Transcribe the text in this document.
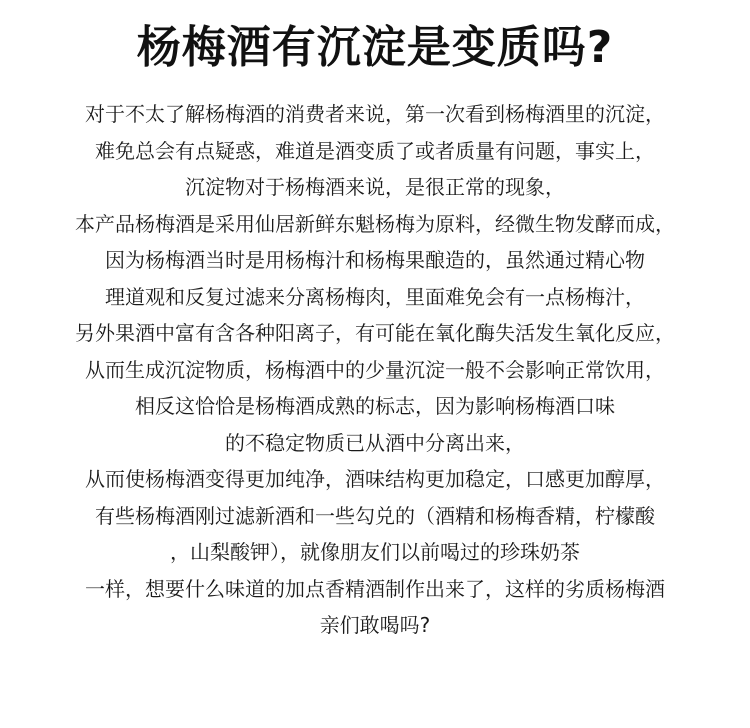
杨梅酒有沉淀是变质吗?
对于不太了解杨梅酒的消费者来说，第一次看到杨梅酒里的沉淀，
难免总会有点疑惑，难道是酒变质了或者质量有问题，事实上，
沉淀物对于杨梅酒来说，是很正常的现象，
本产品杨梅酒是采用仙居新鲜东魁杨梅为原料，经微生物发酵而成，
因为杨梅酒当时是用杨梅汁和杨梅果酿造的，虽然通过精心物
理道观和反复过滤来分离杨梅肉，里面难免会有一点杨梅汁，
另外果酒中富有含各种阳离子，有可能在氧化酶失活发生氧化反应，
从而生成沉淀物质，杨梅酒中的少量沉淀一般不会影响正常饮用，
相反这恰恰是杨梅酒成熟的标志，因为影响杨梅酒口味
的不稳定物质已从酒中分离出来，
从而使杨梅酒变得更加纯净，酒味结构更加稳定，口感更加醇厚，
有些杨梅酒刚过滤新酒和一些勾兑的（酒精和杨梅香精，柠檬酸
，山梨酸钾），就像朋友们以前喝过的珍珠奶茶
一样，想要什么味道的加点香精酒制作出来了，这样的劣质杨梅酒
亲们敢喝吗?
